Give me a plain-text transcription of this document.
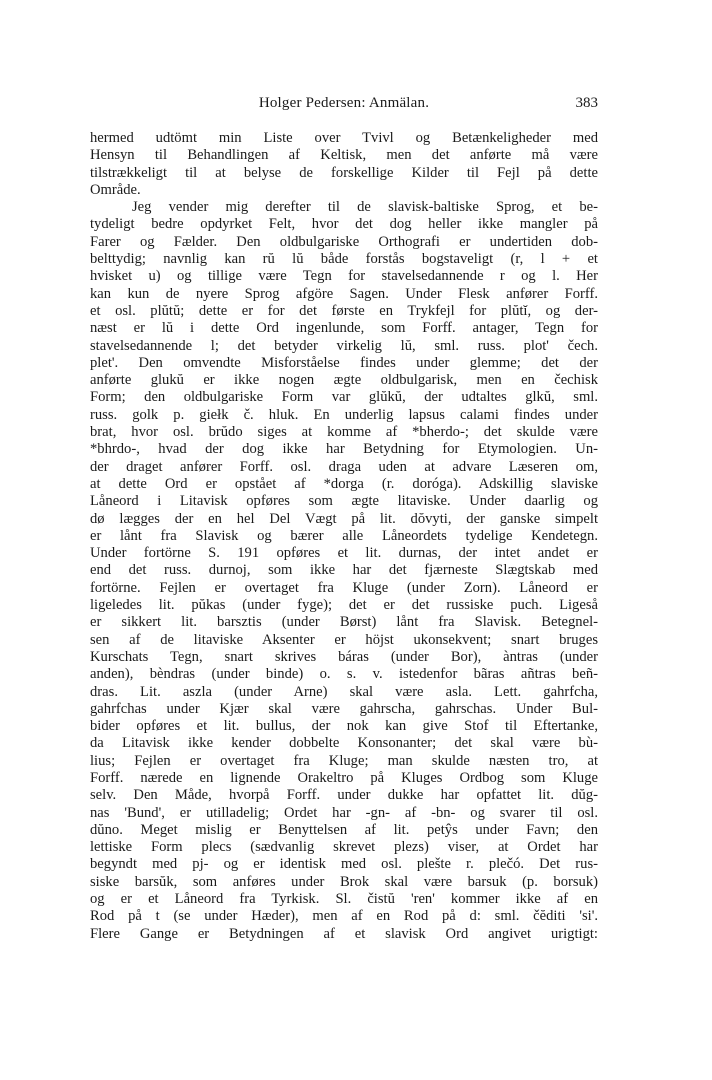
Holger Pedersen: Anmälan.	383
hermed udtömt min Liste over Tvivl og Betænkeligheder med
Hensyn til Behandlingen af Keltisk, men det anførte må være
tilstrækkeligt til at belyse de forskellige Kilder til Fejl på dette
Område.
Jeg vender mig derefter til de slavisk-baltiske Sprog, et be-
tydeligt bedre opdyrket Felt, hvor det dog heller ikke mangler på
Farer og Fælder. Den oldbulgariske Orthografi er undertiden dob-
belttydig; navnlig kan rŭ lŭ både forstås bogstaveligt (r, l + et
hvisket u) og tillige være Tegn for stavelsedannende r og l. Her
kan kun de nyere Sprog afgöre Sagen. Under Flesk anfører Forff.
et osl. plŭtŭ; dette er for det første en Trykfejl for plŭtĭ, og der-
næst er lŭ i dette Ord ingenlunde, som Forff. antager, Tegn for
stavelsedannende l; det betyder virkelig lŭ, sml. russ. plot' čech.
plet'. Den omvendte Misforståelse findes under glemme; det der
anførte glukŭ er ikke nogen ægte oldbulgarisk, men en čechisk
Form; den oldbulgariske Form var glŭkŭ, der udtaltes glkŭ, sml.
russ. golk p. giełk č. hluk. En underlig lapsus calami findes under
brat, hvor osl. brŭdo siges at komme af *bherdo-; det skulde være
*bhrdo-, hvad der dog ikke har Betydning for Etymologien. Un-
der draget anfører Forff. osl. draga uden at advare Læseren om,
at dette Ord er opstået af *dorga (r. doróga). Adskillig slaviske
Låneord i Litavisk opføres som ægte litaviske. Under daarlig og
dø lægges der en hel Del Vægt på lit. dŏvyti, der ganske simpelt
er lånt fra Slavisk og bærer alle Låneordets tydelige Kendetegn.
Under fortörne S. 191 opføres et lit. durnas, der intet andet er
end det russ. durnoj, som ikke har det fjærneste Slægtskab med
fortörne. Fejlen er overtaget fra Kluge (under Zorn). Låneord er
ligeledes lit. pŭkas (under fyge); det er det russiske puch. Ligeså
er sikkert lit. barsztis (under Børst) lånt fra Slavisk. Betegnel-
sen af de litaviske Aksenter er höjst ukonsekvent; snart bruges
Kurschats Tegn, snart skrives báras (under Bor), àntras (under
anden), bèndras (under binde) o. s. v. istedenfor bãras añtras beñ-
dras. Lit. aszla (under Arne) skal være asla. Lett. gahrfcha,
gahrfchas under Kjær skal være gahrscha, gahrschas. Under Bul-
bider opføres et lit. bullus, der nok kan give Stof til Eftertanke,
da Litavisk ikke kender dobbelte Konsonanter; det skal være bù-
lius; Fejlen er overtaget fra Kluge; man skulde næsten tro, at
Forff. nærede en lignende Orakeltro på Kluges Ordbog som Kluge
selv. Den Måde, hvorpå Forff. under dukke har opfattet lit. dŭg-
nas 'Bund', er utilladelig; Ordet har -gn- af -bn- og svarer til osl.
dŭno. Meget mislig er Benyttelsen af lit. petŷs under Favn; den
lettiske Form plecs (sædvanlig skrevet plezs) viser, at Ordet har
begyndt med pj- og er identisk med osl. plešte r. plečó. Det rus-
siske barsŭk, som anføres under Brok skal være barsuk (p. borsuk)
og er et Låneord fra Tyrkisk. Sl. čistŭ 'ren' kommer ikke af en
Rod på t (se under Hæder), men af en Rod på d: sml. čĕditi 'si'.
Flere Gange er Betydningen af et slavisk Ord angivet urigtigt:
